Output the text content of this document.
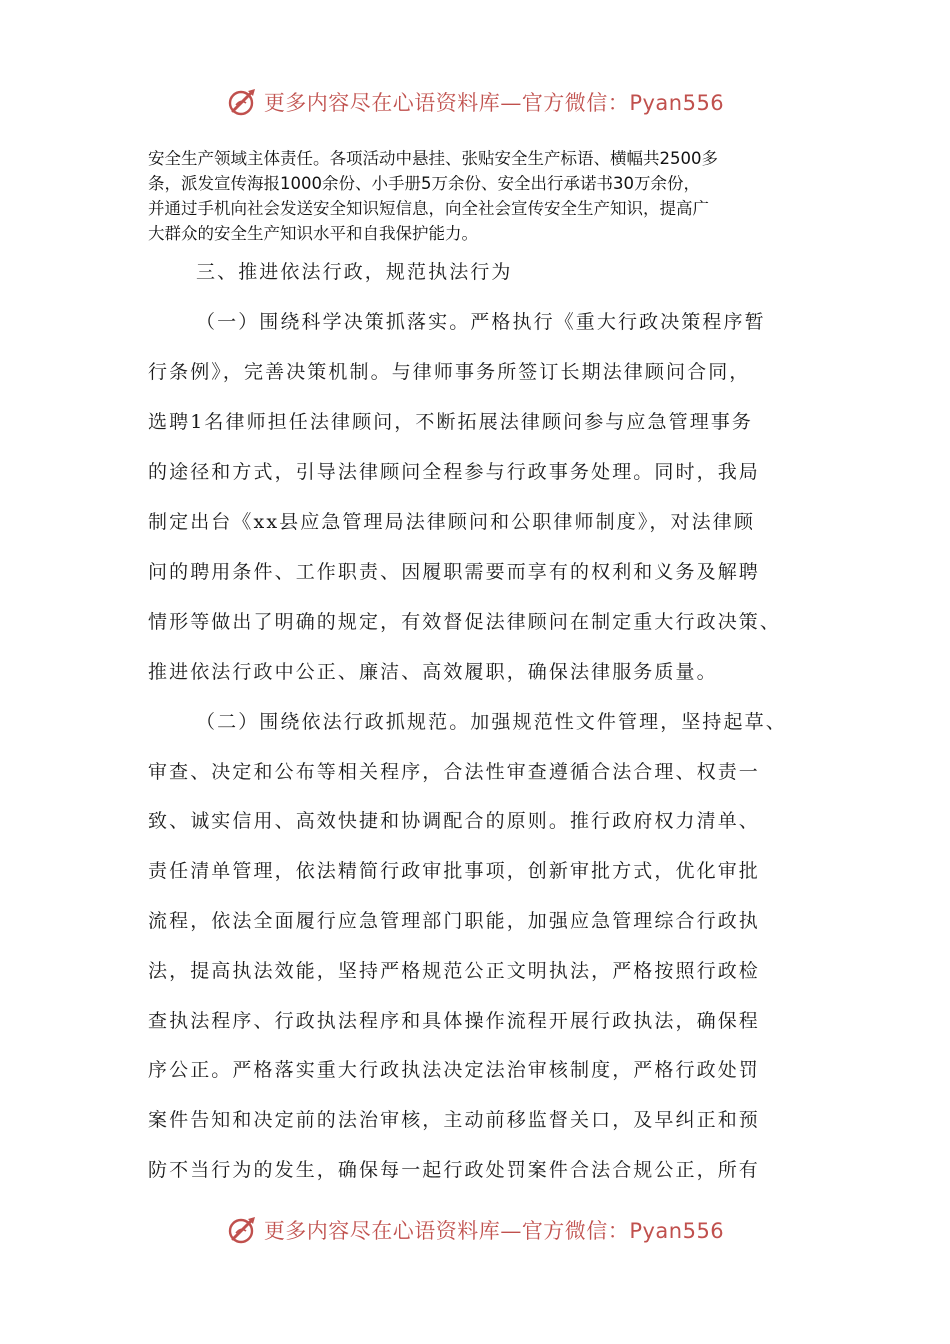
更多内容尽在心语资料库—官方微信：Pyan556
安全生产领域主体责任。各项活动中悬挂、张贴安全生产标语、横幅共2500多
条，派发宣传海报1000余份、小手册5万余份、安全出行承诺书30万余份，
并通过手机向社会发送安全知识短信息，向全社会宣传安全生产知识，提高广
大群众的安全生产知识水平和自我保护能力。
三、推进依法行政，规范执法行为
（一）围绕科学决策抓落实。严格执行《重大行政决策程序暂
行条例》，完善决策机制。与律师事务所签订长期法律顾问合同，
选聘1名律师担任法律顾问，不断拓展法律顾问参与应急管理事务
的途径和方式，引导法律顾问全程参与行政事务处理。同时，我局
制定出台《xx县应急管理局法律顾问和公职律师制度》，对法律顾
问的聘用条件、工作职责、因履职需要而享有的权利和义务及解聘
情形等做出了明确的规定，有效督促法律顾问在制定重大行政决策、
推进依法行政中公正、廉洁、高效履职，确保法律服务质量。
（二）围绕依法行政抓规范。加强规范性文件管理，坚持起草、
审查、决定和公布等相关程序，合法性审查遵循合法合理、权责一
致、诚实信用、高效快捷和协调配合的原则。推行政府权力清单、
责任清单管理，依法精简行政审批事项，创新审批方式，优化审批
流程，依法全面履行应急管理部门职能，加强应急管理综合行政执
法，提高执法效能，坚持严格规范公正文明执法，严格按照行政检
查执法程序、行政执法程序和具体操作流程开展行政执法，确保程
序公正。严格落实重大行政执法决定法治审核制度，严格行政处罚
案件告知和决定前的法治审核，主动前移监督关口，及早纠正和预
防不当行为的发生，确保每一起行政处罚案件合法合规公正，所有
更多内容尽在心语资料库—官方微信：Pyan556
